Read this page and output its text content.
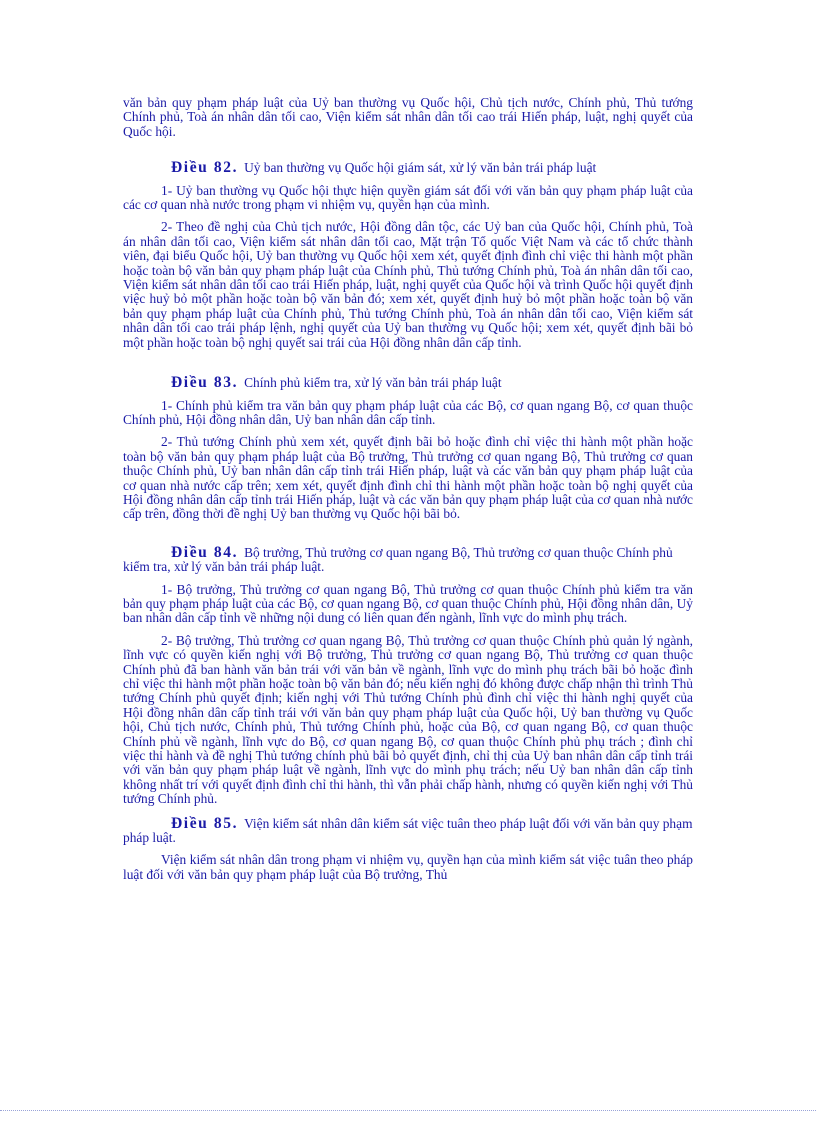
văn bản quy phạm pháp luật của Uỷ ban thường vụ Quốc hội, Chủ tịch nước, Chính phủ, Thủ tướng Chính phủ, Toà án nhân dân tối cao, Viện kiểm sát nhân dân tối cao trái Hiến pháp, luật, nghị quyết của Quốc hội.

Điều 82. Uỷ ban thường vụ Quốc hội giám sát, xử lý văn bản trái pháp luật

1- Uỷ ban thường vụ Quốc hội thực hiện quyền giám sát đối với văn bản quy phạm pháp luật của các cơ quan nhà nước trong phạm vi nhiệm vụ, quyền hạn của mình.

2- Theo đề nghị của Chủ tịch nước, Hội đồng dân tộc, các Uỷ ban của Quốc hội, Chính phủ, Toà án nhân dân tối cao, Viện kiểm sát nhân dân tối cao, Mặt trận Tổ quốc Việt Nam và các tổ chức thành viên, đại biểu Quốc hội, Uỷ ban thường vụ Quốc hội xem xét, quyết định đình chỉ việc thi hành một phần hoặc toàn bộ văn bản quy phạm pháp luật của Chính phủ, Thủ tướng Chính phủ, Toà án nhân dân tối cao, Viện kiểm sát nhân dân tối cao trái Hiến pháp, luật, nghị quyết của Quốc hội và trình Quốc hội quyết định việc huỷ bỏ một phần hoặc toàn bộ văn bản đó; xem xét, quyết định huỷ bỏ một phần hoặc toàn bộ văn bản quy phạm pháp luật của Chính phủ, Thủ tướng Chính phủ, Toà án nhân dân tối cao, Viện kiểm sát nhân dân tối cao trái pháp lệnh, nghị quyết của Uỷ ban thường vụ Quốc hội; xem xét, quyết định bãi bỏ một phần hoặc toàn bộ nghị quyết sai trái của Hội đồng nhân dân cấp tỉnh.

Điều 83. Chính phủ kiểm tra, xử lý văn bản trái pháp luật

1- Chính phủ kiểm tra văn bản quy phạm pháp luật của các Bộ, cơ quan ngang Bộ, cơ quan thuộc Chính phủ, Hội đồng nhân dân, Uỷ ban nhân dân cấp tỉnh.

2- Thủ tướng Chính phủ xem xét, quyết định bãi bỏ hoặc đình chỉ việc thi hành một phần hoặc toàn bộ văn bản quy phạm pháp luật của Bộ trưởng, Thủ trưởng cơ quan ngang Bộ, Thủ trưởng cơ quan thuộc Chính phủ, Uỷ ban nhân dân cấp tỉnh trái Hiến pháp, luật và các văn bản quy phạm pháp luật của cơ quan nhà nước cấp trên; xem xét, quyết định đình chỉ thi hành một phần hoặc toàn bộ nghị quyết của Hội đồng nhân dân cấp tỉnh trái Hiến pháp, luật và các văn bản quy phạm pháp luật của cơ quan nhà nước cấp trên, đồng thời đề nghị Uỷ ban thường vụ Quốc hội bãi bỏ.

Điều 84. Bộ trưởng, Thủ trưởng cơ quan ngang Bộ, Thủ trưởng cơ quan thuộc Chính phủ kiểm tra, xử lý văn bản trái pháp luật.

1- Bộ trưởng, Thủ trưởng cơ quan ngang Bộ, Thủ trưởng cơ quan thuộc Chính phủ kiểm tra văn bản quy phạm pháp luật của các Bộ, cơ quan ngang Bộ, cơ quan thuộc Chính phủ, Hội đồng nhân dân, Uỷ ban nhân dân cấp tỉnh về những nội dung có liên quan đến ngành, lĩnh vực do mình phụ trách.

2- Bộ trưởng, Thủ trưởng cơ quan ngang Bộ, Thủ trưởng cơ quan thuộc Chính phủ quản lý ngành, lĩnh vực có quyền kiến nghị với Bộ trưởng, Thủ trưởng cơ quan ngang Bộ, Thủ trưởng cơ quan thuộc Chính phủ đã ban hành văn bản trái với văn bản về ngành, lĩnh vực do mình phụ trách bãi bỏ hoặc đình chỉ việc thi hành một phần hoặc toàn bộ văn bản đó; nếu kiến nghị đó không được chấp nhận thì trình Thủ tướng Chính phủ quyết định; kiến nghị với Thủ tướng Chính phủ đình chỉ việc thi hành nghị quyết của Hội đồng nhân dân cấp tỉnh trái với văn bản quy phạm pháp luật của Quốc hội, Uỷ ban thường vụ Quốc hội, Chủ tịch nước, Chính phủ, Thủ tướng Chính phủ, hoặc của Bộ, cơ quan ngang Bộ, cơ quan thuộc Chính phủ về ngành, lĩnh vực do Bộ, cơ quan ngang Bộ, cơ quan thuộc Chính phủ phụ trách ; đình chỉ việc thi hành và đề nghị Thủ tướng chính phủ bãi bỏ quyết định, chỉ thị của Uỷ ban nhân dân cấp tỉnh trái với văn bản quy phạm pháp luật về ngành, lĩnh vực do mình phụ trách; nếu Uỷ ban nhân dân cấp tỉnh không nhất trí với quyết định đình chỉ thi hành, thì vẫn phải chấp hành, nhưng có quyền kiến nghị với Thủ tướng Chính phủ.

Điều 85. Viện kiểm sát nhân dân kiểm sát việc tuân theo pháp luật đối với văn bản quy phạm pháp luật.

Viện kiểm sát nhân dân trong phạm vi nhiệm vụ, quyền hạn của mình kiểm sát việc tuân theo pháp luật đối với văn bản quy phạm pháp luật của Bộ trưởng, Thủ
